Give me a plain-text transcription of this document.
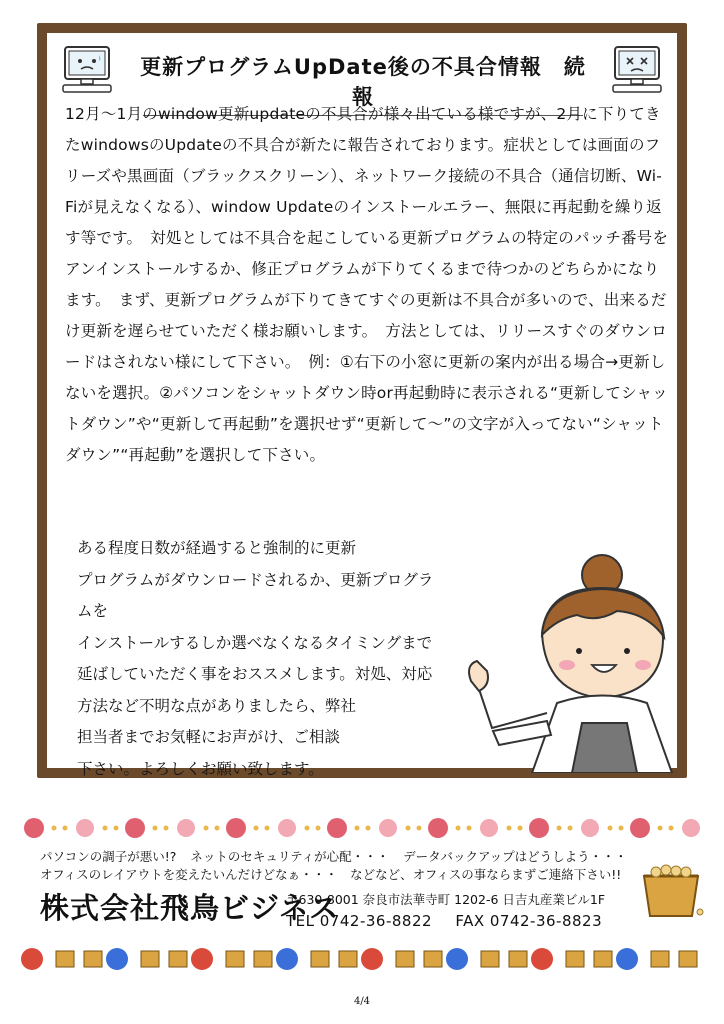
更新プログラムUpDate後の不具合情報　続報

12月～1月のwindow更新updateの不具合が様々出ている様ですが、2月に下りてきたwindowsのUpdateの不具合が新たに報告されております。症状としては画面のフリーズや黒画面（ブラックスクリーン）、ネットワーク接続の不具合（通信切断、Wi-Fiが見えなくなる）、window Updateのインストールエラー、無限に再起動を繰り返す等です。　対処としては不具合を起こしている更新プログラムの特定のパッチ番号をアンインストールするか、修正プログラムが下りてくるまで待つかのどちらかになります。　まず、更新プログラムが下りてきてすぐの更新は不具合が多いので、出来るだけ更新を遅らせていただく様お願いします。　方法としては、リリースすぐのダウンロードはされない様にして下さい。　例：①右下の小窓に更新の案内が出る場合→更新しないを選択。②パソコンをシャットダウン時or再起動時に表示される“更新してシャットダウン”や“更新して再起動”を選択せず“更新して～”の文字が入ってない“シャットダウン”“再起動”を選択して下さい。

ある程度日数が経過すると強制的に更新

プログラムがダウンロードされるか、更新プログラムを

インストールするしか選べなくなるタイミングまで

延ばしていただく事をおススメします。対処、対応

方法など不明な点がありましたら、弊社

担当者までお気軽にお声がけ、ご相談

下さい。よろしくお願い致します。

パソコンの調子が悪い!? ネットのセキュリティが心配・・・ データバックアップはどうしよう・・・
オフィスのレイアウトを変えたいんだけどなぁ・・・　などなど、オフィスの事ならまずご連絡下さい!!
株式会社飛鳥ビジネス
〒630-8001 奈良市法華寺町 1202-6 日吉丸産業ビル1F
TEL 0742-36-8822 FAX 0742-36-8823
4/4
